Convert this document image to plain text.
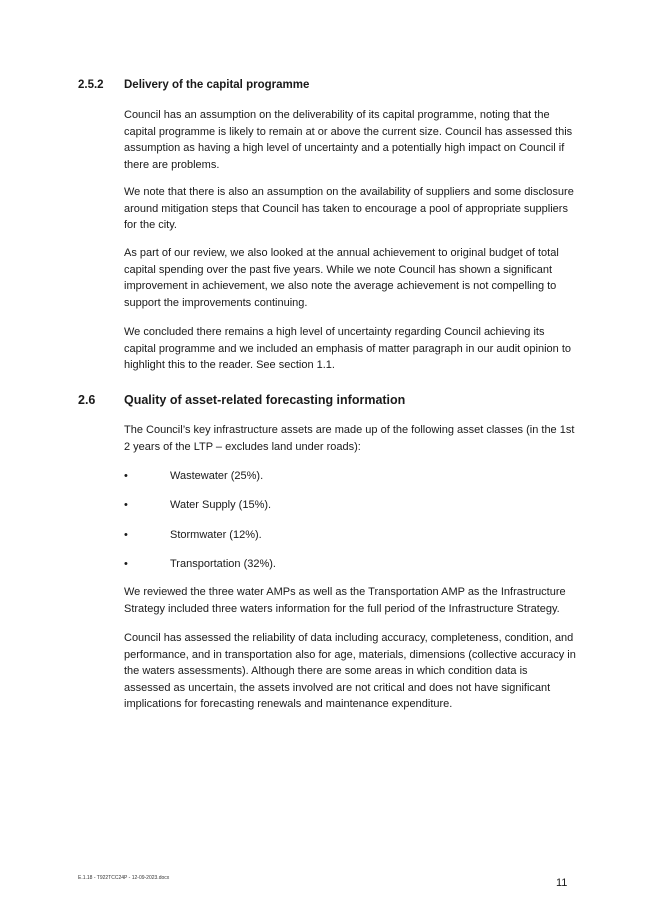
2.5.2 Delivery of the capital programme

Council has an assumption on the deliverability of its capital programme, noting that the capital programme is likely to remain at or above the current size. Council has assessed this assumption as having a high level of uncertainty and a potentially high impact on Council if there are problems.

We note that there is also an assumption on the availability of suppliers and some disclosure around mitigation steps that Council has taken to encourage a pool of appropriate suppliers for the city.

As part of our review, we also looked at the annual achievement to original budget of total capital spending over the past five years. While we note Council has shown a significant improvement in achievement, we also note the average achievement is not compelling to support the improvements continuing.

We concluded there remains a high level of uncertainty regarding Council achieving its capital programme and we included an emphasis of matter paragraph in our audit opinion to highlight this to the reader. See section 1.1.

2.6 Quality of asset-related forecasting information

The Council’s key infrastructure assets are made up of the following asset classes (in the 1st 2 years of the LTP – excludes land under roads):

•	Wastewater (25%).
•	Water Supply (15%).
•	Stormwater (12%).
•	Transportation (32%).

We reviewed the three water AMPs as well as the Transportation AMP as the Infrastructure Strategy included three waters information for the full period of the Infrastructure Strategy.

Council has assessed the reliability of data including accuracy, completeness, condition, and performance, and in transportation also for age, materials, dimensions (collective accuracy in the waters assessments). Although there are some areas in which condition data is assessed as uncertain, the assets involved are not critical and does not have significant implications for forecasting renewals and maintenance expenditure.

E.1.18 - T922TCC24P - 12-09-2023.docx	11
